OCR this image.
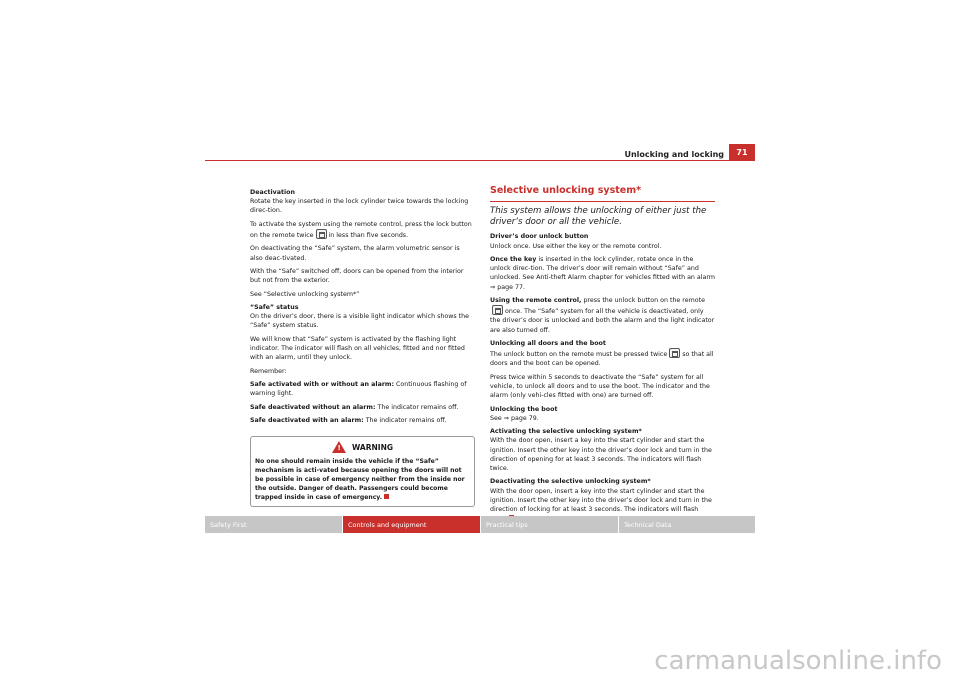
Unlocking and locking	71

Deactivation
Rotate the key inserted in the lock cylinder twice towards the locking direc-tion.

To activate the system using the remote control, press the lock button on the remote twice in less than five seconds.

On deactivating the “Safe” system, the alarm volumetric sensor is also deac-tivated.

With the “Safe” switched off, doors can be opened from the interior but not from the exterior.

See “Selective unlocking system*”

“Safe” status
On the driver’s door, there is a visible light indicator which shows the “Safe” system status.

We will know that “Safe” system is activated by the flashing light indicator. The indicator will flash on all vehicles, fitted and nor fitted with an alarm, until they unlock.

Remember:

Safe activated with or without an alarm: Continuous flashing of warning light.

Safe deactivated without an alarm: The indicator remains off.

Safe deactivated with an alarm: The indicator remains off.

! WARNING
No one should remain inside the vehicle if the “Safe” mechanism is acti-vated because opening the doors will not be possible in case of emergency neither from the inside nor the outside. Danger of death. Passengers could become trapped inside in case of emergency.

Selective unlocking system*

This system allows the unlocking of either just the driver’s door or all the vehicle.

Driver’s door unlock button
Unlock once. Use either the key or the remote control.

Once the key is inserted in the lock cylinder, rotate once in the unlock direc-tion. The driver’s door will remain without “Safe” and unlocked. See Anti-theft Alarm chapter for vehicles fitted with an alarm ⇒ page 77.

Using the remote control, press the unlock button on the remoteonce. The “Safe” system for all the vehicle is deactivated, only the driver’s door is unlocked and both the alarm and the light indicator are also turned off.

Unlocking all doors and the boot
The unlock button on the remote must be pressed twice so that all doors and the boot can be opened.

Press twice within 5 seconds to deactivate the “Safe” system for all vehicle, to unlock all doors and to use the boot. The indicator and the alarm (only vehi-cles fitted with one) are turned off.

Unlocking the boot
See ⇒ page 79.

Activating the selective unlocking system*
With the door open, insert a key into the start cylinder and start the ignition. Insert the other key into the driver’s door lock and turn in the direction of opening for at least 3 seconds. The indicators will flash twice.

Deactivating the selective unlocking system*
With the door open, insert a key into the start cylinder and start the ignition. Insert the other key into the driver’s door lock and turn in the direction of locking for at least 3 seconds. The indicators will flash

Safety First	Controls and equipment	Practical tips	Technical Data
carmanualsonline.info
